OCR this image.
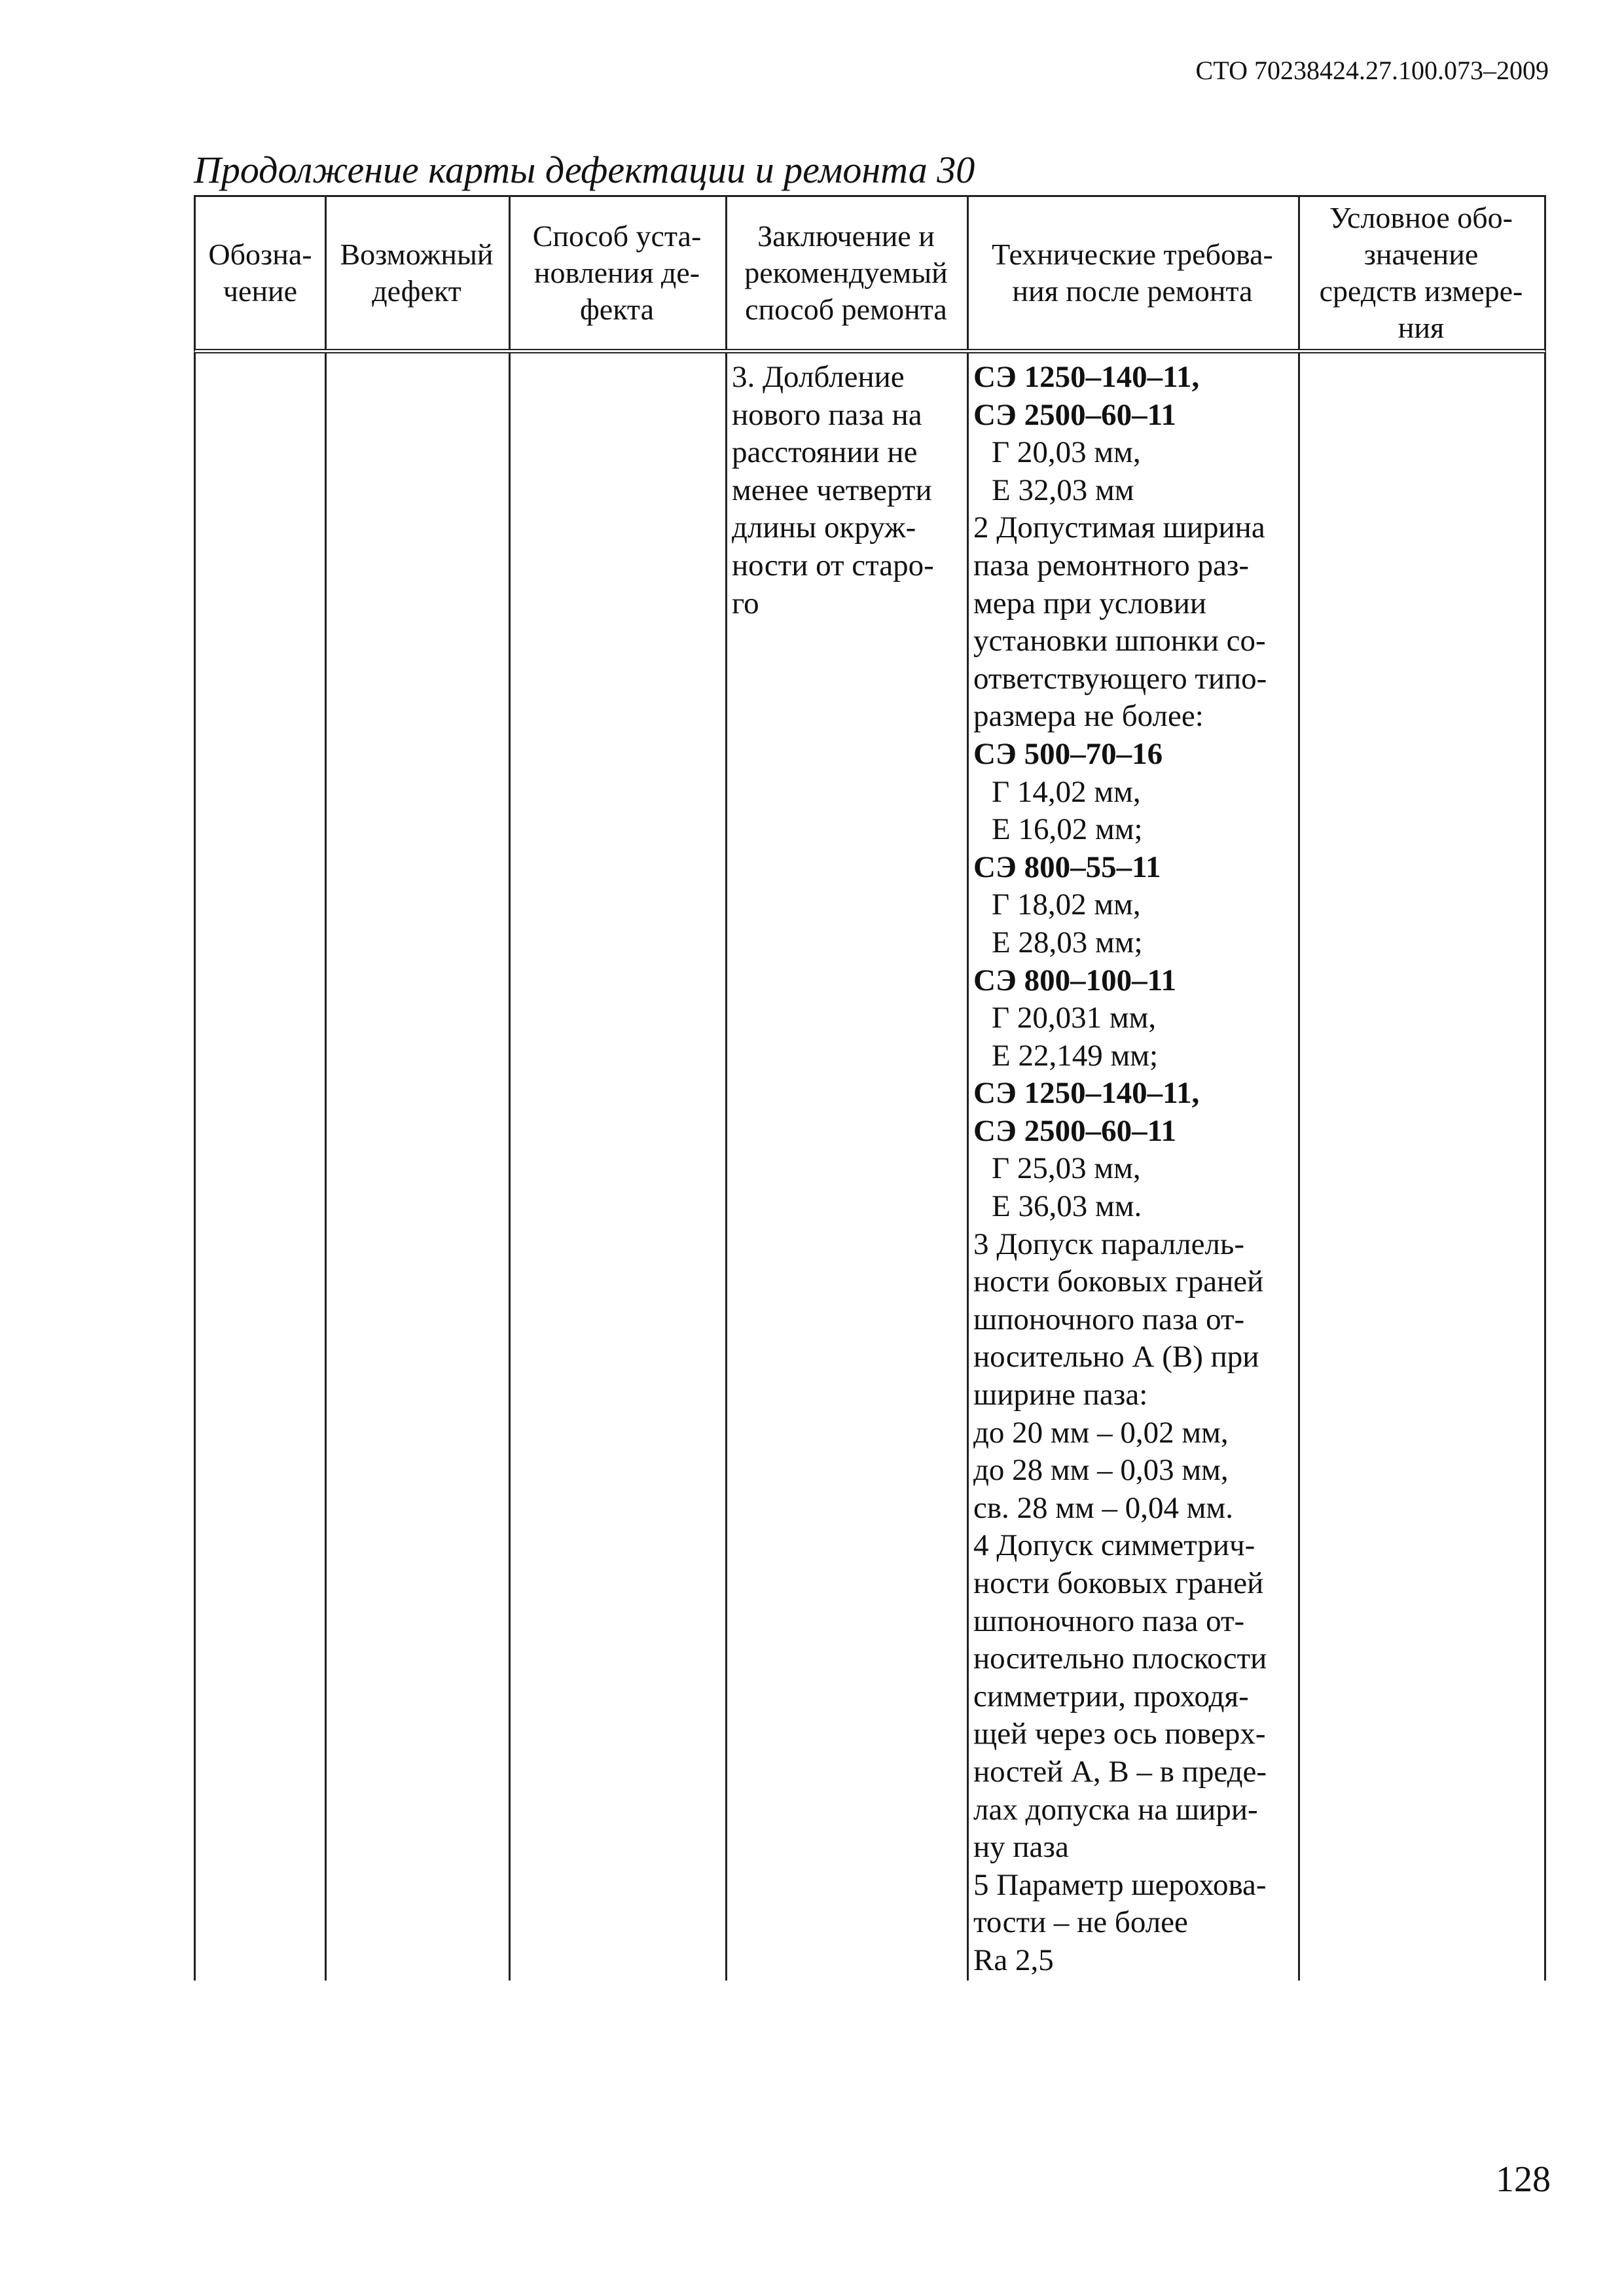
СТО 70238424.27.100.073–2009
Продолжение карты дефектации и ремонта 30
Обозна-
чение
Возможный
дефект
Способ уста-
новления де-
фекта
Заключение и
рекомендуемый
способ ремонта
Технические требова-
ния после ремонта
Условное обо-
значение
средств измере-
ния
3. Долбление
нового паза на
расстоянии не
менее четверти
длины окруж-
ности от старо-
го
СЭ 1250–140–11,
СЭ 2500–60–11
Г 20,03 мм,
Е 32,03 мм
2 Допустимая ширина
паза ремонтного раз-
мера при условии
установки шпонки со-
ответствующего типо-
размера не более:
СЭ 500–70–16
Г 14,02 мм,
Е 16,02 мм;
СЭ 800–55–11
Г 18,02 мм,
Е 28,03 мм;
СЭ 800–100–11
Г 20,031 мм,
Е 22,149 мм;
СЭ 1250–140–11,
СЭ 2500–60–11
Г 25,03 мм,
Е 36,03 мм.
3 Допуск параллель-
ности боковых граней
шпоночного паза от-
носительно А (В) при
ширине паза:
до 20 мм – 0,02 мм,
до 28 мм – 0,03 мм,
св. 28 мм – 0,04 мм.
4 Допуск симметрич-
ности боковых граней
шпоночного паза от-
носительно плоскости
симметрии, проходя-
щей через ось поверх-
ностей А, В – в преде-
лах допуска на шири-
ну паза
5 Параметр шерохова-
тости – не более
Ra 2,5
128
